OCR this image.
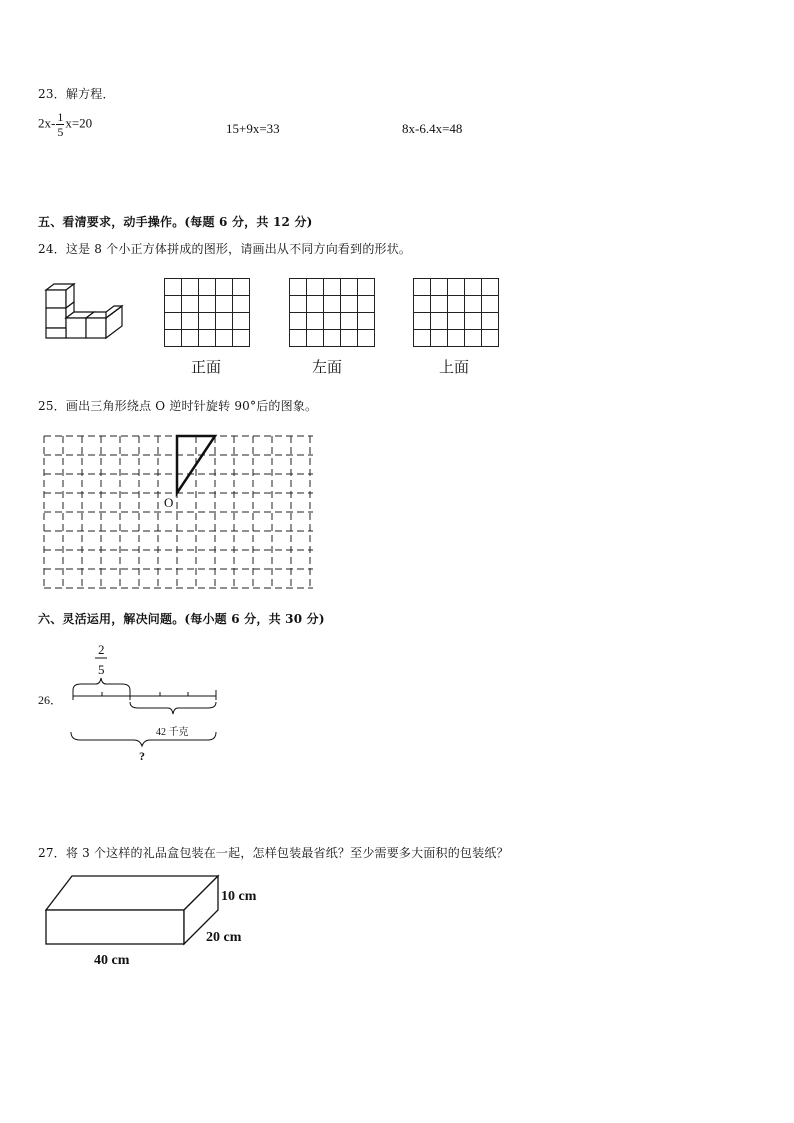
23．解方程．
$2x- \frac{1}{5} x=20$	15+9x=33	8x-6.4x=48
五、看清要求，动手操作。(每题 6 分，共 12 分)
24．这是 8 个小正方体拼成的图形，请画出从不同方向看到的形状。
正面	左面	上面
25．画出三角形绕点 O 逆时针旋转 90°后的图象。
O
六、灵活运用，解决问题。(每小题 6 分，共 30 分)
26．
2
5
42 千克
?
27．将 3 个这样的礼品盒包装在一起，怎样包装最省纸？至少需要多大面积的包装纸？
10 cm
20 cm
40 cm
